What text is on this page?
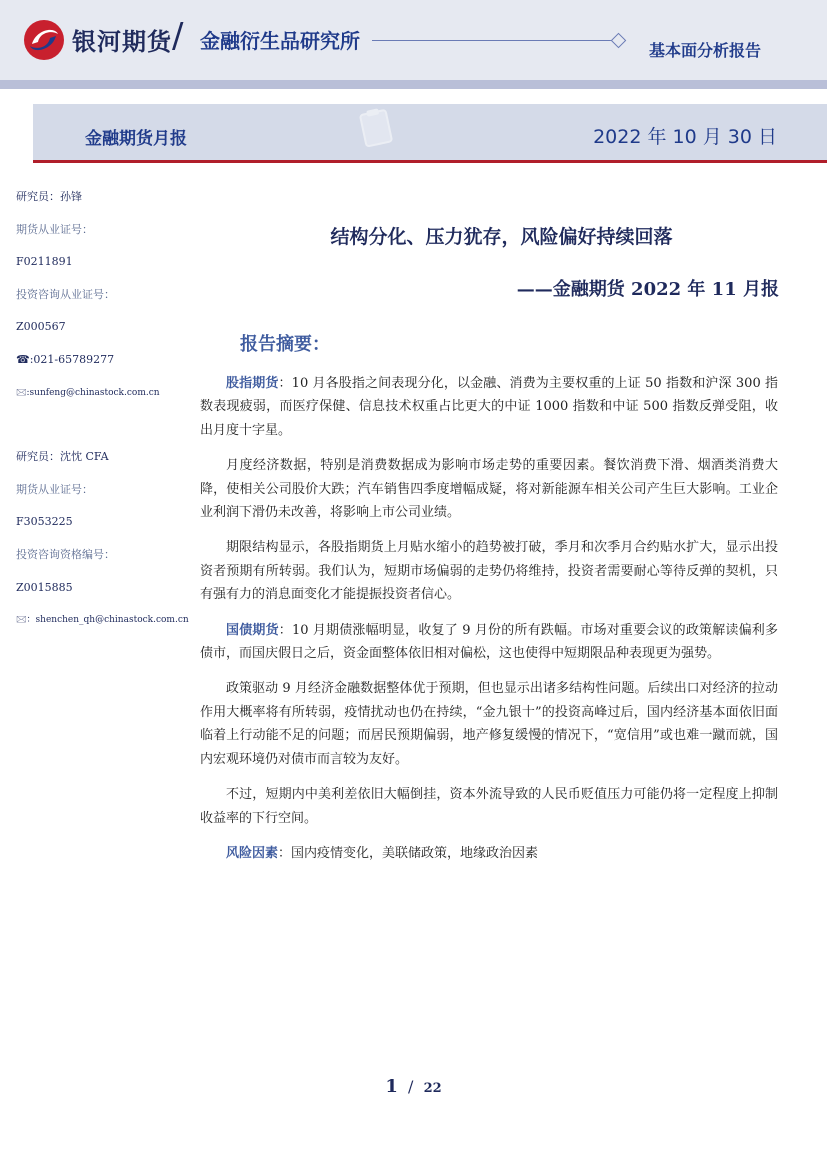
银河期货 / 金融衍生品研究所	基本面分析报告
金融期货月报	2022 年 10 月 30 日
研究员：孙锋
期货从业证号：
F0211891
投资咨询从业证号：
Z000567
☎:021-65789277
🖂:sunfeng@chinastock.com.cn
研究员：沈忱 CFA
期货从业证号：
F3053225
投资咨询资格编号：
Z0015885
🖂：shenchen_qh@chinastock.com.cn
结构分化、压力犹存，风险偏好持续回落
——金融期货 2022 年 11 月报
报告摘要：

股指期货：10 月各股指之间表现分化，以金融、消费为主要权重的上证 50 指数和沪深 300 指数表现疲弱，而医疗保健、信息技术权重占比更大的中证 1000 指数和中证 500 指数反弹受阻，收出月度十字星。

月度经济数据，特别是消费数据成为影响市场走势的重要因素。餐饮消费下滑、烟酒类消费大降，使相关公司股价大跌；汽车销售四季度增幅成疑，将对新能源车相关公司产生巨大影响。工业企业利润下滑仍未改善，将影响上市公司业绩。

期限结构显示，各股指期货上月贴水缩小的趋势被打破，季月和次季月合约贴水扩大，显示出投资者预期有所转弱。我们认为，短期市场偏弱的走势仍将维持，投资者需要耐心等待反弹的契机，只有强有力的消息面变化才能提振投资者信心。

国债期货：10 月期债涨幅明显，收复了 9 月份的所有跌幅。市场对重要会议的政策解读偏利多债市，而国庆假日之后，资金面整体依旧相对偏松，这也使得中短期限品种表现更为强势。

政策驱动 9 月经济金融数据整体优于预期，但也显示出诸多结构性问题。后续出口对经济的拉动作用大概率将有所转弱，疫情扰动也仍在持续，“金九银十”的投资高峰过后，国内经济基本面依旧面临着上行动能不足的问题；而居民预期偏弱，地产修复缓慢的情况下，“宽信用”或也难一蹴而就，国内宏观环境仍对债市而言较为友好。

不过，短期内中美利差依旧大幅倒挂，资本外流导致的人民币贬值压力可能仍将一定程度上抑制收益率的下行空间。

风险因素：国内疫情变化，美联储政策，地缘政治因素

1 / 22
